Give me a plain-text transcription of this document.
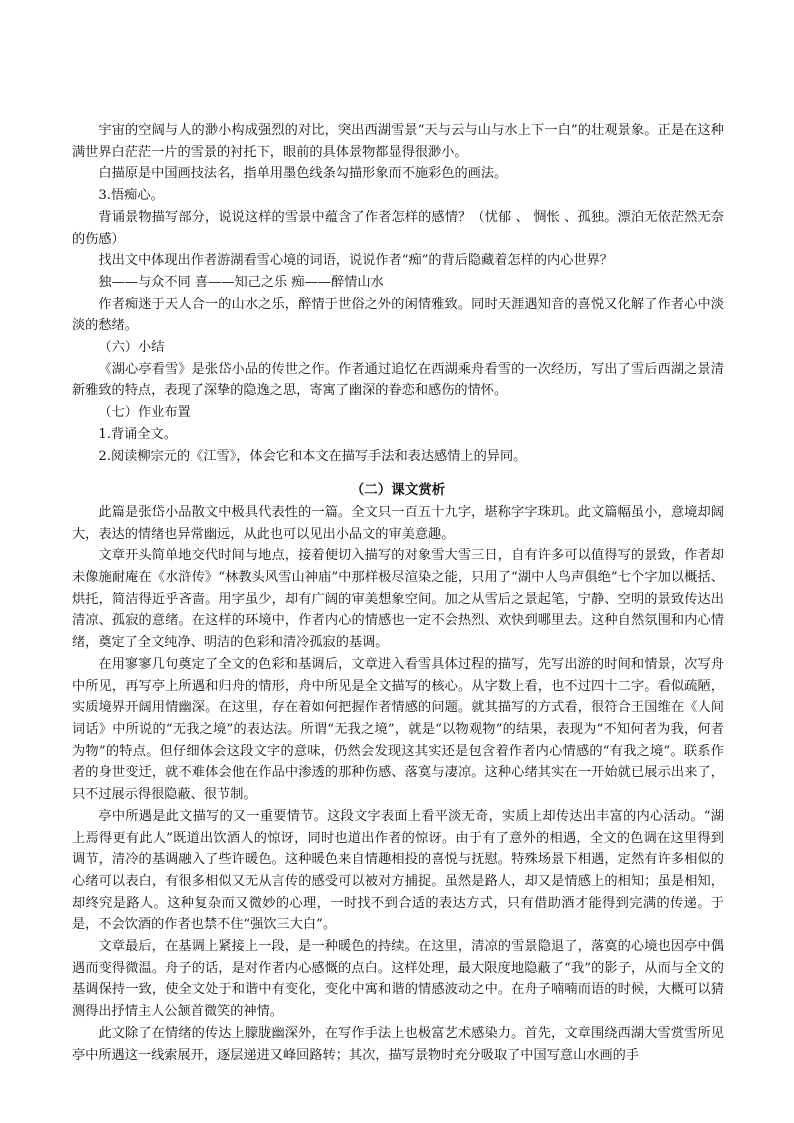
宇宙的空阔与人的渺小构成强烈的对比，突出西湖雪景“天与云与山与水上下一白”的壮观景象。正是在这种满世界白茫茫一片的雪景的衬托下，眼前的具体景物都显得很渺小。

白描原是中国画技法名，指单用墨色线条勾描形象而不施彩色的画法。

3.悟痴心。

背诵景物描写部分，说说这样的雪景中蕴含了作者怎样的感情？（忧郁 、 惆怅 、孤独。漂泊无依茫然无奈的伤感）

找出文中体现出作者游湖看雪心境的词语，说说作者“痴”的背后隐藏着怎样的内心世界？

独——与众不同 喜——知己之乐 痴——醉情山水

作者痴迷于天人合一的山水之乐，醉情于世俗之外的闲情雅致。同时天涯遇知音的喜悦又化解了作者心中淡淡的愁绪。

（六）小结

《湖心亭看雪》是张岱小品的传世之作。作者通过追忆在西湖乘舟看雪的一次经历，写出了雪后西湖之景清新雅致的特点，表现了深挚的隐逸之思，寄寓了幽深的眷恋和感伤的情怀。

（七）作业布置

1.背诵全文。

2.阅读柳宗元的《江雪》，体会它和本文在描写手法和表达感情上的异同。

（二）课文赏析

此篇是张岱小品散文中极具代表性的一篇。全文只一百五十九字，堪称字字珠玑。此文篇幅虽小，意境却阔大，表达的情绪也异常幽远，从此也可以见出小品文的审美意趣。

文章开头简单地交代时间与地点，接着便切入描写的对象雪大雪三日，自有许多可以值得写的景致，作者却未像施耐庵在《水浒传》“林教头风雪山神庙”中那样极尽渲染之能，只用了“湖中人鸟声俱绝”七个字加以概括、烘托，简洁得近乎吝啬。用字虽少，却有广阔的审美想象空间。加之从雪后之景起笔，宁静、空明的景致传达出清凉、孤寂的意绪。在这样的环境中，作者内心的情感也一定不会热烈、欢快到哪里去。这种自然氛围和内心情绪，奠定了全文纯净、明洁的色彩和清冷孤寂的基调。

在用寥寥几句奠定了全文的色彩和基调后，文章进入看雪具体过程的描写，先写出游的时间和情景，次写舟中所见，再写亭上所遇和归舟的情形，舟中所见是全文描写的核心。从字数上看，也不过四十二字。看似疏陋，实质境界开阔用情幽深。在这里，存在着如何把握作者情感的问题。就其描写的方式看，很符合王国维在《人间词话》中所说的“无我之境”的表达法。所谓“无我之境”，就是“以物观物”的结果，表现为“不知何者为我，何者为物”的特点。但仔细体会这段文字的意味，仍然会发现这其实还是包含着作者内心情感的“有我之境”。联系作者的身世变迁，就不难体会他在作品中渗透的那种伤感、落寞与凄凉。这种心绪其实在一开始就已展示出来了，只不过展示得很隐蔽、很节制。

亭中所遇是此文描写的又一重要情节。这段文字表面上看平淡无奇，实质上却传达出丰富的内心活动。“湖上焉得更有此人”既道出饮酒人的惊讶，同时也道出作者的惊讶。由于有了意外的相遇，全文的色调在这里得到调节，清冷的基调融入了些许暖色。这种暖色来自情趣相投的喜悦与抚慰。特殊场景下相遇，定然有许多相似的心绪可以表白，有很多相似又无从言传的感受可以被对方捕捉。虽然是路人，却又是情感上的相知；虽是相知，却终究是路人。这种复杂而又微妙的心理，一时找不到合适的表达方式，只有借助酒才能得到完满的传递。于是，不会饮酒的作者也禁不住“强饮三大白”。

文章最后，在基调上紧接上一段，是一种暖色的持续。在这里，清凉的雪景隐退了，落寞的心境也因亭中偶遇而变得微温。舟子的话，是对作者内心感慨的点白。这样处理，最大限度地隐蔽了“我”的影子，从而与全文的基调保持一致，使全文处于和谐中有变化，变化中寓和谐的情感波动之中。在舟子喃喃而语的时候，大概可以猜测得出抒情主人公颔首微笑的神情。

此文除了在情绪的传达上朦胧幽深外，在写作手法上也极富艺术感染力。首先，文章围绕西湖大雪赏雪所见亭中所遇这一线索展开，逐层递进又峰回路转；其次，描写景物时充分吸取了中国写意山水画的手
